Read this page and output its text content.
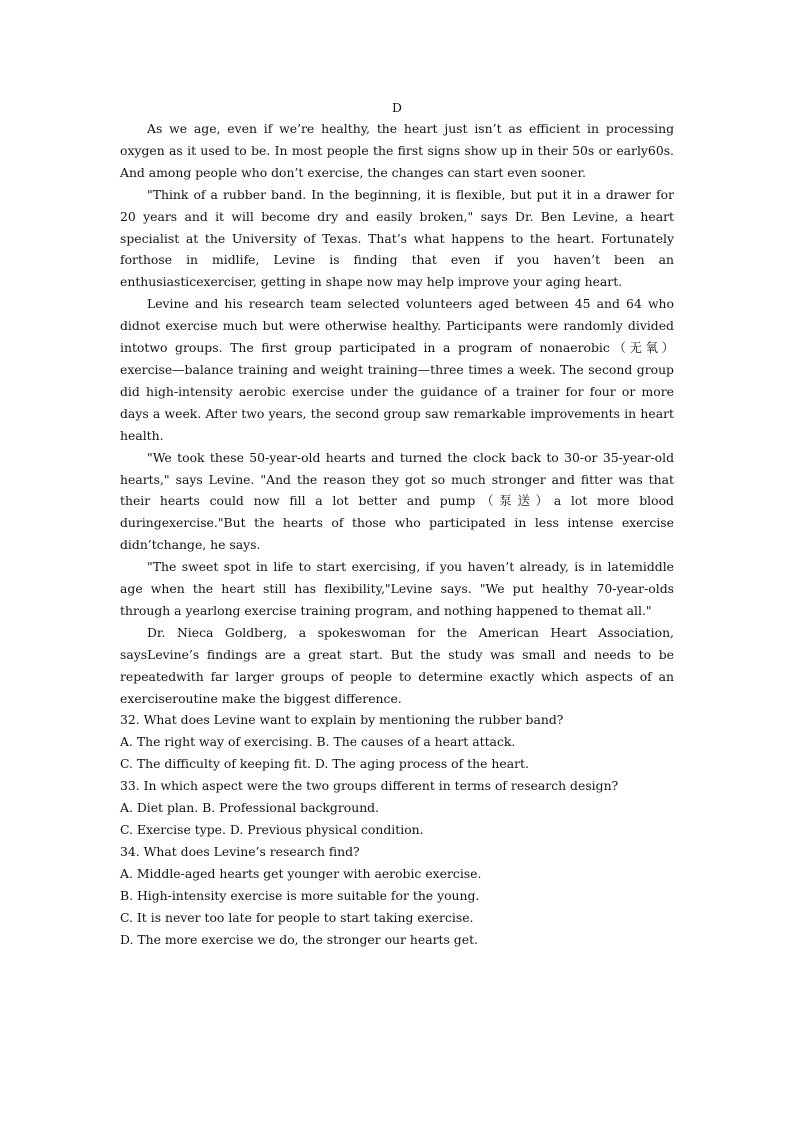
D

As we age, even if we’re healthy, the heart just isn’t as efficient in processing oxygen as it used to be. In most people the first signs show up in their 50s or early60s. And among people who don’t exercise, the changes can start even sooner.

"Think of a rubber band. In the beginning, it is flexible, but put it in a drawer for 20 years and it will become dry and easily broken," says Dr. Ben Levine, a heart specialist at the University of Texas. That’s what happens to the heart. Fortunately forthose in midlife, Levine is finding that even if you haven’t been an enthusiasticexerciser, getting in shape now may help improve your aging heart.

Levine and his research team selected volunteers aged between 45 and 64 who didnot exercise much but were otherwise healthy. Participants were randomly divided intotwo groups. The first group participated in a program of nonaerobic（无氧）exercise—balance training and weight training—three times a week. The second group did high-intensity aerobic exercise under the guidance of a trainer for four or more days a week. After two years, the second group saw remarkable improvements in heart health.

"We took these 50-year-old hearts and turned the clock back to 30-or 35-year-old hearts," says Levine. "And the reason they got so much stronger and fitter was that their hearts could now fill a lot better and pump（泵送）a lot more blood duringexercise."But the hearts of those who participated in less intense exercise didn’tchange, he says.

"The sweet spot in life to start exercising, if you haven’t already, is in latemiddle age when the heart still has flexibility,"Levine says. "We put healthy 70-year-olds through a yearlong exercise training program, and nothing happened to themat all."

Dr. Nieca Goldberg, a spokeswoman for the American Heart Association, saysLevine’s findings are a great start. But the study was small and needs to be repeatedwith far larger groups of people to determine exactly which aspects of an exerciseroutine make the biggest difference.

32. What does Levine want to explain by mentioning the rubber band?

A. The right way of exercising. B. The causes of a heart attack.

C. The difficulty of keeping fit. D. The aging process of the heart.

33. In which aspect were the two groups different in terms of research design?

A. Diet plan. B. Professional background.

C. Exercise type. D. Previous physical condition.

34. What does Levine’s research find?

A. Middle-aged hearts get younger with aerobic exercise.

B. High-intensity exercise is more suitable for the young.

C. It is never too late for people to start taking exercise.

D. The more exercise we do, the stronger our hearts get.
